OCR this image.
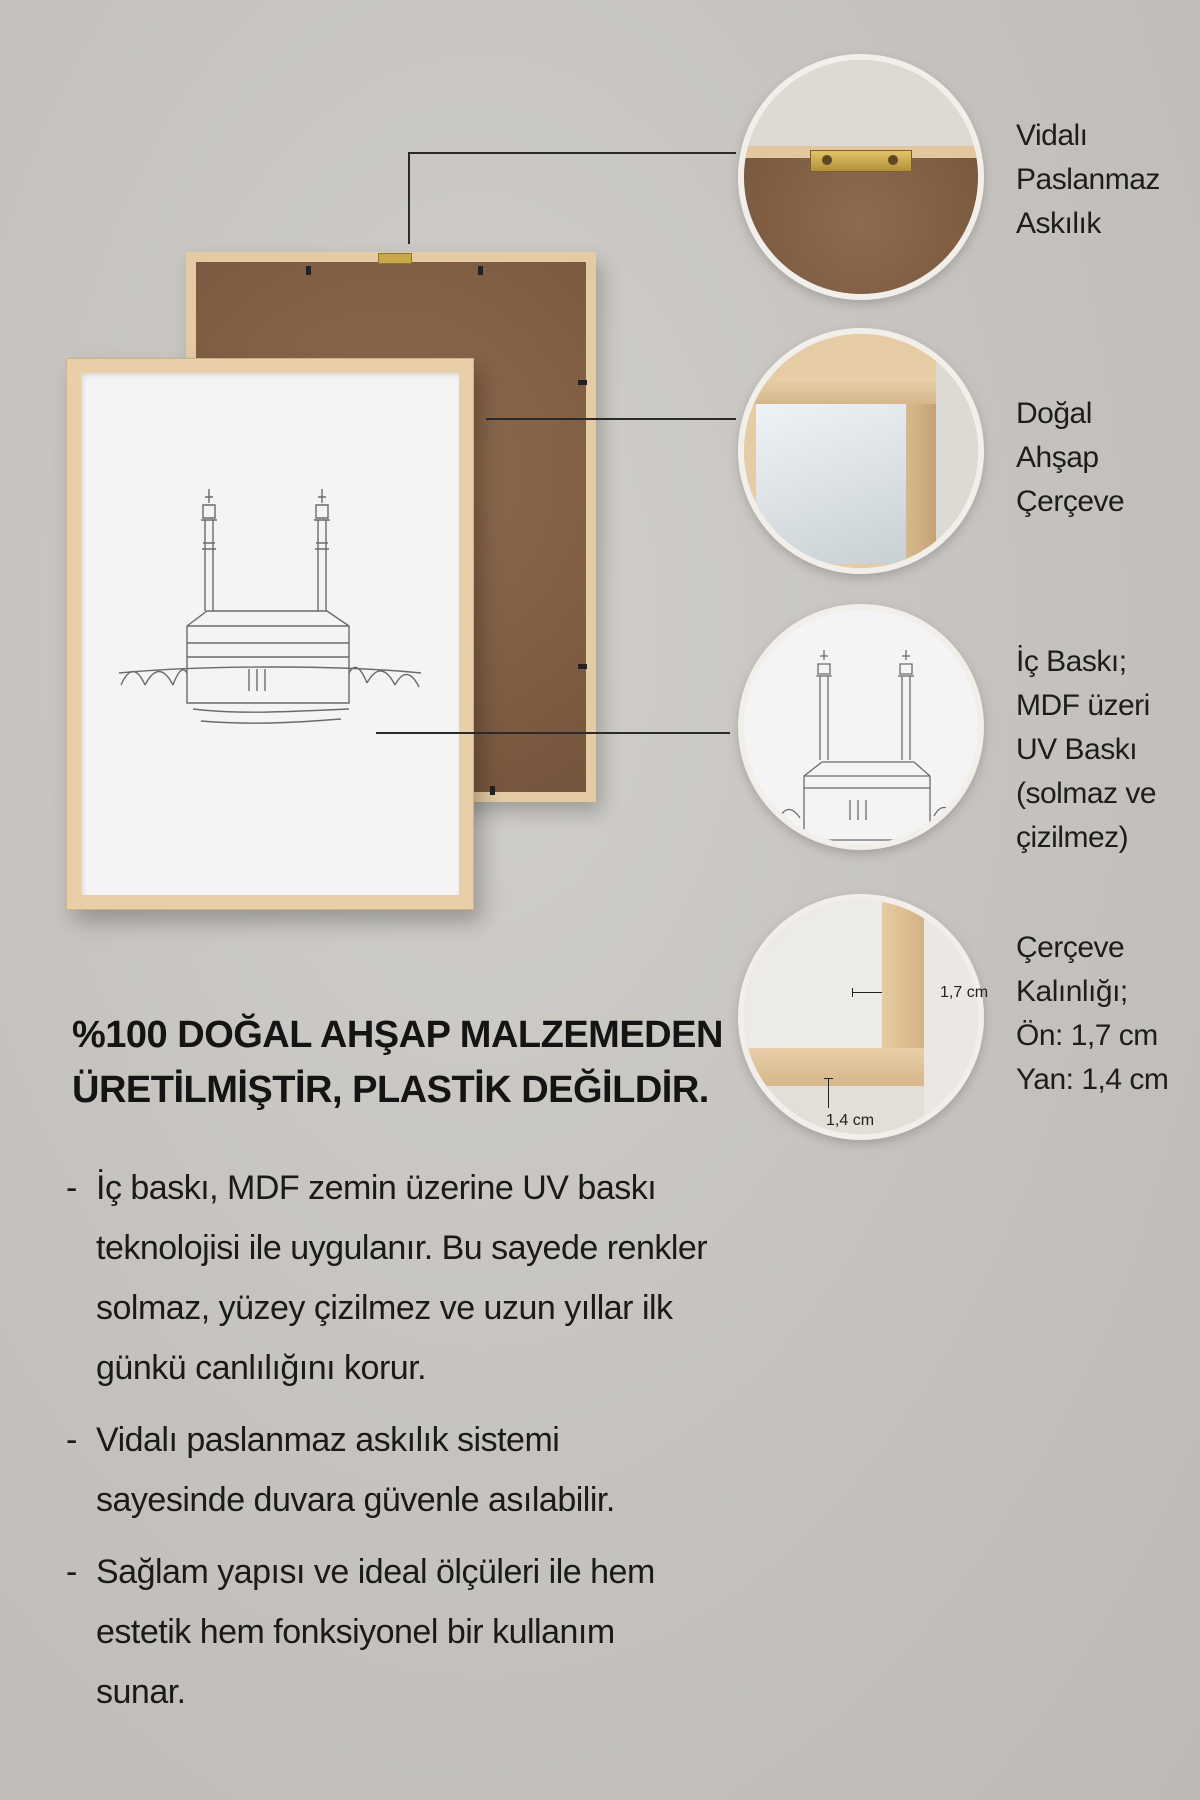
1,7 cm
1,4 cm
Vidalı
Paslanmaz
Askılık
Doğal
Ahşap
Çerçeve
İç Baskı;
MDF üzeri
UV Baskı
(solmaz ve
çizilmez)
Çerçeve
Kalınlığı;
Ön: 1,7 cm
Yan: 1,4 cm
%100 DOĞAL AHŞAP MALZEMEDEN
ÜRETİLMİŞTİR, PLASTİK DEĞİLDİR.
- İç baskı, MDF zemin üzerine UV baskı
teknolojisi ile uygulanır. Bu sayede renkler
solmaz, yüzey çizilmez ve uzun yıllar ilk
günkü canlılığını korur.
- Vidalı paslanmaz askılık sistemi
sayesinde duvara güvenle asılabilir.
- Sağlam yapısı ve ideal ölçüleri ile hem
estetik hem fonksiyonel bir kullanım
sunar.
